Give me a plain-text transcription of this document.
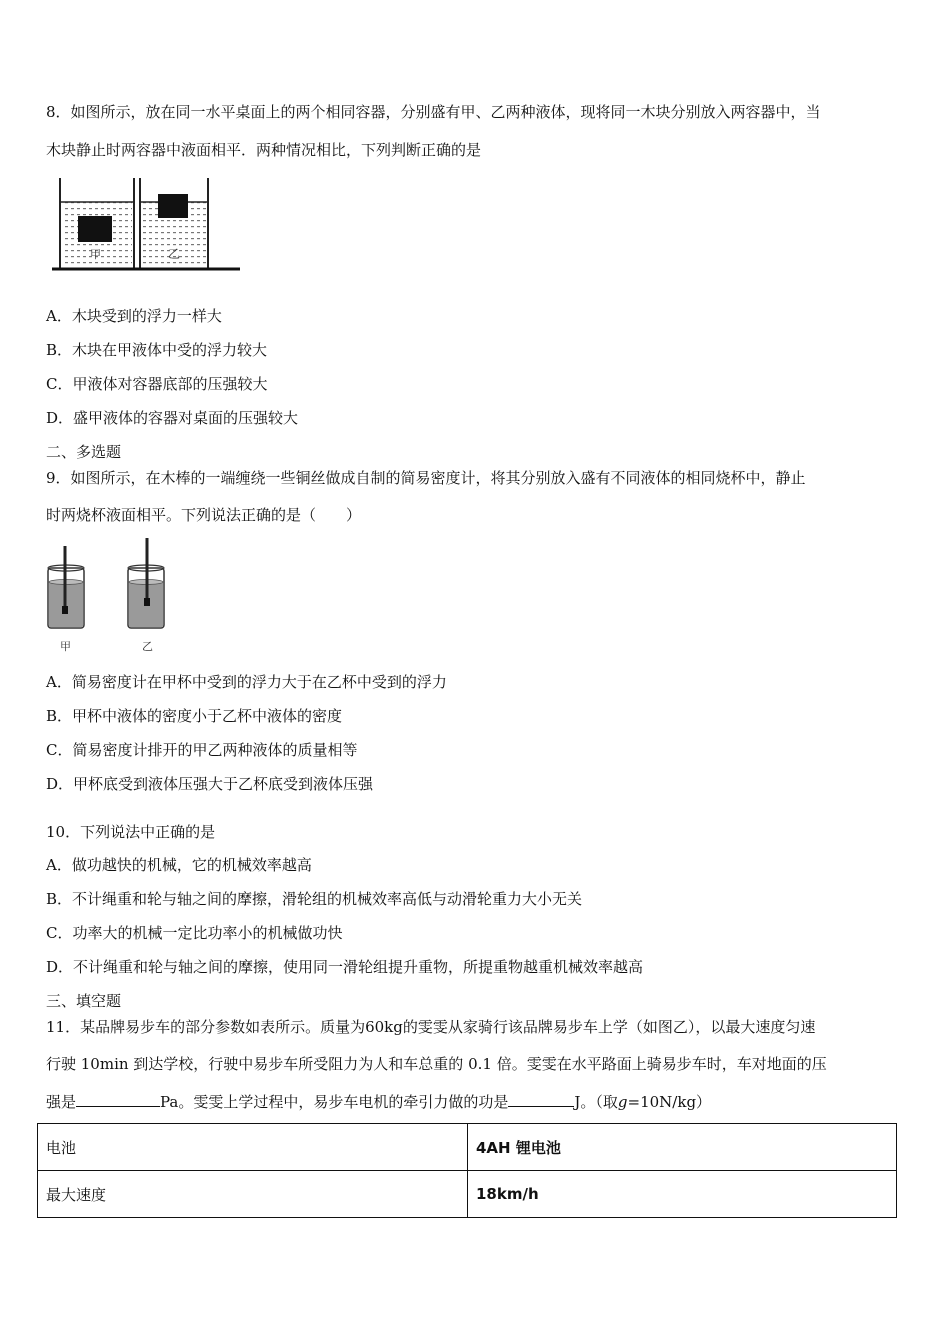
8．如图所示，放在同一水平桌面上的两个相同容器，分别盛有甲、乙两种液体，现将同一木块分别放入两容器中，当
木块静止时两容器中液面相平．两种情况相比，下列判断正确的是
甲	乙
A．木块受到的浮力一样大
B．木块在甲液体中受的浮力较大
C．甲液体对容器底部的压强较大
D．盛甲液体的容器对桌面的压强较大
二、多选题
9．如图所示，在木棒的一端缠绕一些铜丝做成自制的简易密度计，将其分别放入盛有不同液体的相同烧杯中，静止
时两烧杯液面相平。下列说法正确的是（　　）
甲	乙
A．简易密度计在甲杯中受到的浮力大于在乙杯中受到的浮力
B．甲杯中液体的密度小于乙杯中液体的密度
C．简易密度计排开的甲乙两种液体的质量相等
D．甲杯底受到液体压强大于乙杯底受到液体压强
10．下列说法中正确的是
A．做功越快的机械，它的机械效率越高
B．不计绳重和轮与轴之间的摩擦，滑轮组的机械效率高低与动滑轮重力大小无关
C．功率大的机械一定比功率小的机械做功快
D．不计绳重和轮与轴之间的摩擦，使用同一滑轮组提升重物，所提重物越重机械效率越高
三、填空题
11．某品牌易步车的部分参数如表所示。质量为60kg的雯雯从家骑行该品牌易步车上学（如图乙），以最大速度匀速
行驶 10min 到达学校，行驶中易步车所受阻力为人和车总重的 0.1 倍。雯雯在水平路面上骑易步车时，车对地面的压
强是	Pa。雯雯上学过程中，易步车电机的牵引力做的功是	J。（取g=10N/kg）
电池	4AH 锂电池
最大速度	18km/h
